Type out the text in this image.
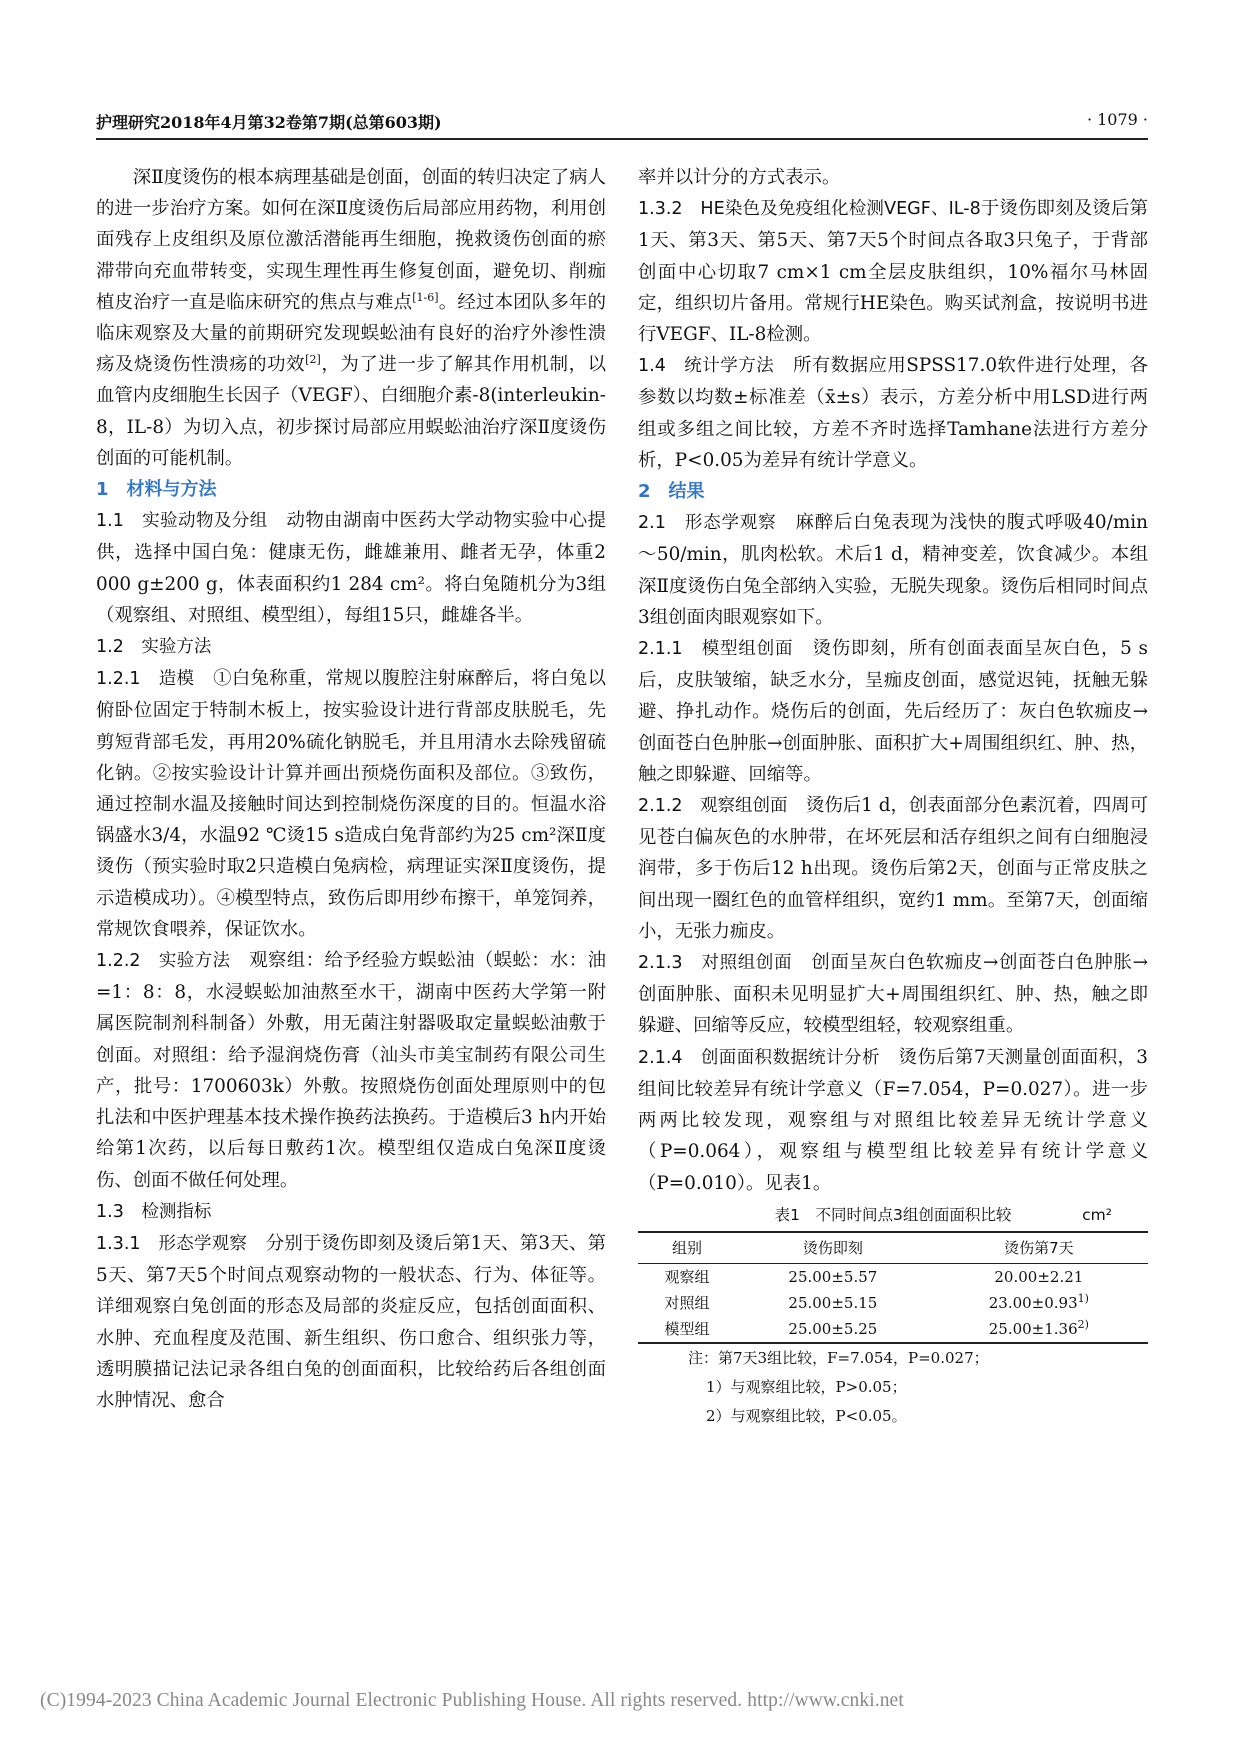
护理研究2018年4月第32卷第7期(总第603期)	· 1079 ·

深Ⅱ度烫伤的根本病理基础是创面，创面的转归决定了病人的进一步治疗方案。如何在深Ⅱ度烫伤后局部应用药物，利用创面残存上皮组织及原位激活潜能再生细胞，挽救烫伤创面的瘀滞带向充血带转变，实现生理性再生修复创面，避免切、削痂植皮治疗一直是临床研究的焦点与难点[1-6]。经过本团队多年的临床观察及大量的前期研究发现蜈蚣油有良好的治疗外渗性溃疡及烧烫伤性溃疡的功效[2]，为了进一步了解其作用机制，以血管内皮细胞生长因子（VEGF）、白细胞介素-8(interleukin-8，IL-8）为切入点，初步探讨局部应用蜈蚣油治疗深Ⅱ度烫伤创面的可能机制。

1　材料与方法

1.1　实验动物及分组　动物由湖南中医药大学动物实验中心提供，选择中国白兔：健康无伤，雌雄兼用、雌者无孕，体重2 000 g±200 g，体表面积约1 284 cm²。将白兔随机分为3组（观察组、对照组、模型组），每组15只，雌雄各半。

1.2　实验方法

1.2.1　造模　①白兔称重，常规以腹腔注射麻醉后，将白兔以俯卧位固定于特制木板上，按实验设计进行背部皮肤脱毛，先剪短背部毛发，再用20%硫化钠脱毛，并且用清水去除残留硫化钠。②按实验设计计算并画出预烧伤面积及部位。③致伤，通过控制水温及接触时间达到控制烧伤深度的目的。恒温水浴锅盛水3/4，水温92 ℃烫15 s造成白兔背部约为25 cm²深Ⅱ度烫伤（预实验时取2只造模白兔病检，病理证实深Ⅱ度烫伤，提示造模成功）。④模型特点，致伤后即用纱布擦干，单笼饲养，常规饮食喂养，保证饮水。

1.2.2　实验方法　观察组：给予经验方蜈蚣油（蜈蚣：水：油=1：8：8，水浸蜈蚣加油熬至水干，湖南中医药大学第一附属医院制剂科制备）外敷，用无菌注射器吸取定量蜈蚣油敷于创面。对照组：给予湿润烧伤膏（汕头市美宝制药有限公司生产，批号：1700603k）外敷。按照烧伤创面处理原则中的包扎法和中医护理基本技术操作换药法换药。于造模后3 h内开始给第1次药，以后每日敷药1次。模型组仅造成白兔深Ⅱ度烫伤、创面不做任何处理。

1.3　检测指标

1.3.1　形态学观察　分别于烫伤即刻及烫后第1天、第3天、第5天、第7天5个时间点观察动物的一般状态、行为、体征等。详细观察白兔创面的形态及局部的炎症反应，包括创面面积、水肿、充血程度及范围、新生组织、伤口愈合、组织张力等，透明膜描记法记录各组白兔的创面面积，比较给药后各组创面水肿情况、愈合

率并以计分的方式表示。

1.3.2　HE染色及免疫组化检测VEGF、IL-8于烫伤即刻及烫后第1天、第3天、第5天、第7天5个时间点各取3只兔子，于背部创面中心切取7 cm×1 cm全层皮肤组织，10%福尔马林固定，组织切片备用。常规行HE染色。购买试剂盒，按说明书进行VEGF、IL-8检测。

1.4　统计学方法　所有数据应用SPSS17.0软件进行处理，各参数以均数±标准差（x̄±s）表示，方差分析中用LSD进行两组或多组之间比较，方差不齐时选择Tamhane法进行方差分析，P<0.05为差异有统计学意义。

2　结果

2.1　形态学观察　麻醉后白兔表现为浅快的腹式呼吸40/min～50/min，肌肉松软。术后1 d，精神变差，饮食减少。本组深Ⅱ度烫伤白兔全部纳入实验，无脱失现象。烫伤后相同时间点3组创面肉眼观察如下。

2.1.1　模型组创面　烫伤即刻，所有创面表面呈灰白色，5 s后，皮肤皱缩，缺乏水分，呈痂皮创面，感觉迟钝，抚触无躲避、挣扎动作。烧伤后的创面，先后经历了：灰白色软痂皮→创面苍白色肿胀→创面肿胀、面积扩大+周围组织红、肿、热，触之即躲避、回缩等。

2.1.2　观察组创面　烫伤后1 d，创表面部分色素沉着，四周可见苍白偏灰色的水肿带，在坏死层和活存组织之间有白细胞浸润带，多于伤后12 h出现。烫伤后第2天，创面与正常皮肤之间出现一圈红色的血管样组织，宽约1 mm。至第7天，创面缩小，无张力痂皮。

2.1.3　对照组创面　创面呈灰白色软痂皮→创面苍白色肿胀→创面肿胀、面积未见明显扩大+周围组织红、肿、热，触之即躲避、回缩等反应，较模型组轻，较观察组重。

2.1.4　创面面积数据统计分析　烫伤后第7天测量创面面积，3组间比较差异有统计学意义（F=7.054，P=0.027）。进一步两两比较发现，观察组与对照组比较差异无统计学意义（P=0.064），观察组与模型组比较差异有统计学意义（P=0.010）。见表1。

表1　不同时间点3组创面面积比较	cm²
组别	烫伤即刻	烫伤第7天
观察组	25.00±5.57	20.00±2.21
对照组	25.00±5.15	$23.00\pm 0.93^{1)}$
模型组	25.00±5.25	$25.00\pm 1.36^{2)}$

注：第7天3组比较，F=7.054，P=0.027；

1）与观察组比较，P>0.05；

2）与观察组比较，P<0.05。

(C)1994-2023 China Academic Journal Electronic Publishing House. All rights reserved. http://www.cnki.net
